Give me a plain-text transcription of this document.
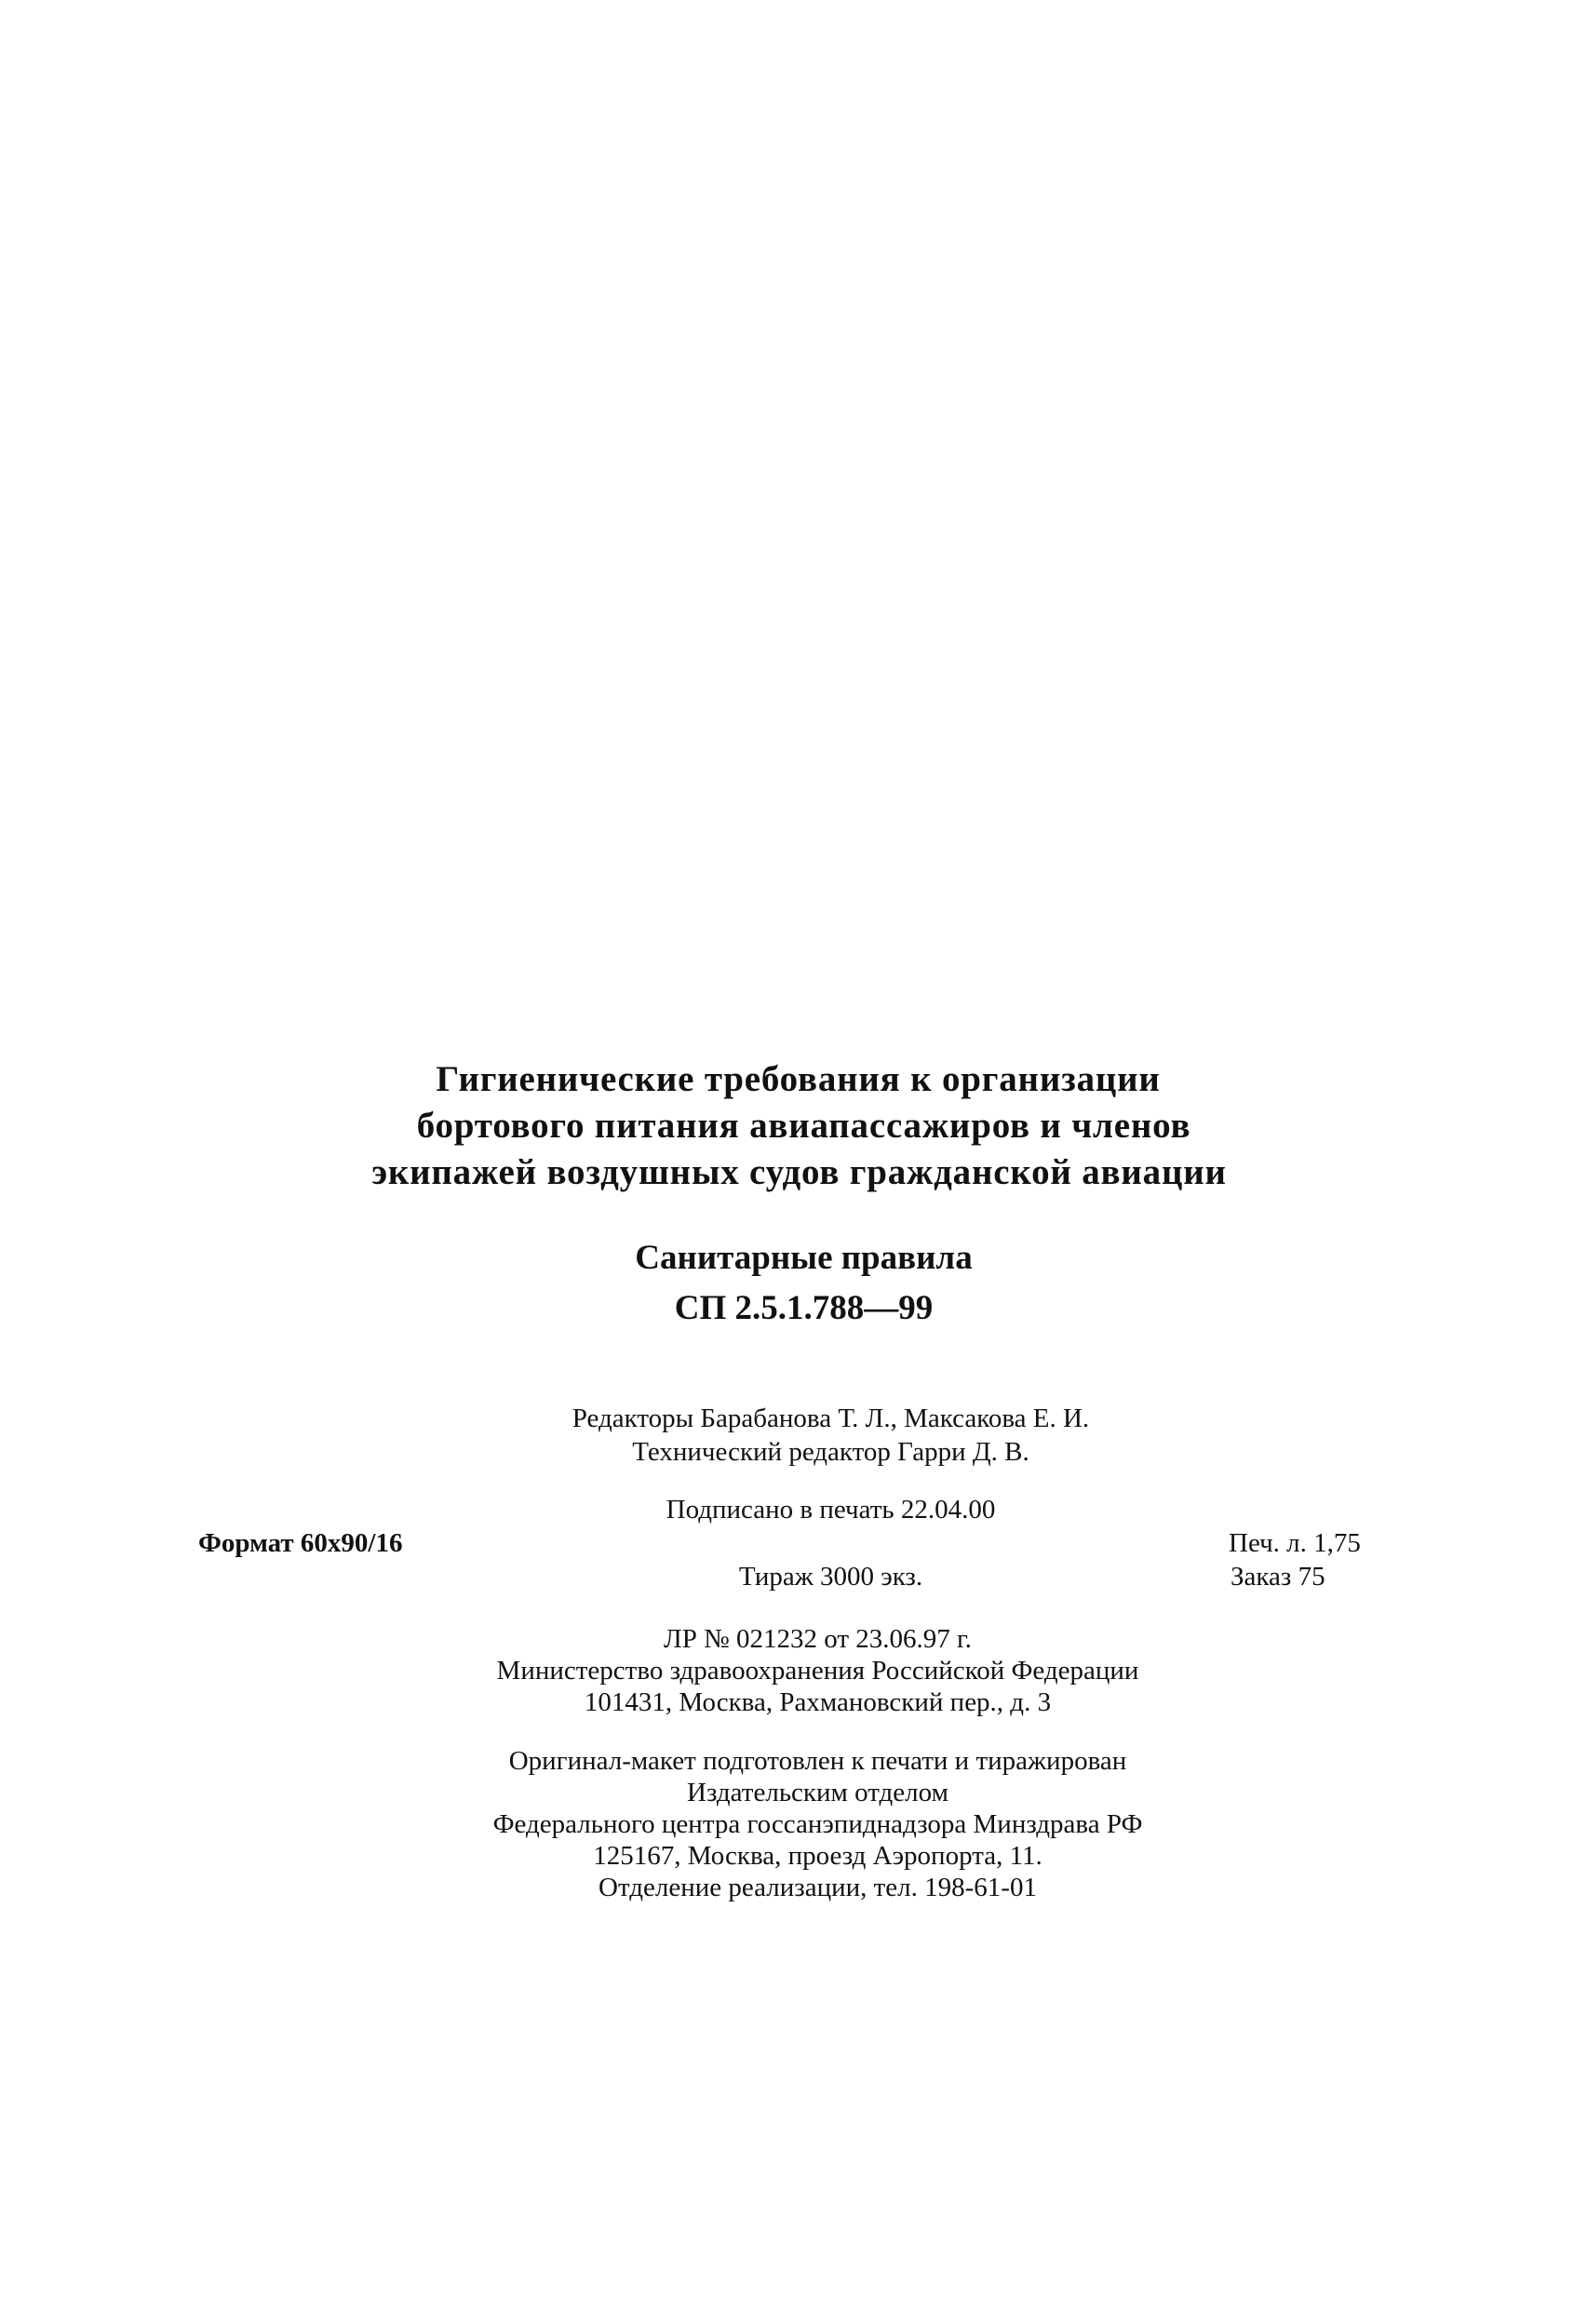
Гигиенические требования к организации
бортового питания авиапассажиров и членов
экипажей воздушных судов гражданской авиации
Санитарные правила
СП 2.5.1.788—99
Редакторы Барабанова Т. Л., Максакова Е. И.
Технический редактор Гарри Д. В.
Подписано в печать 22.04.00
Формат 60x90/16
Тираж 3000 экз.
Печ. л. 1,75
Заказ 75
ЛР № 021232 от 23.06.97 г.
Министерство здравоохранения Российской Федерации
101431, Москва, Рахмановский пер., д. 3
Оригинал-макет подготовлен к печати и тиражирован
Издательским отделом
Федерального центра госсанэпиднадзора Минздрава РФ
125167, Москва, проезд Аэропорта, 11.
Отделение реализации, тел. 198-61-01
